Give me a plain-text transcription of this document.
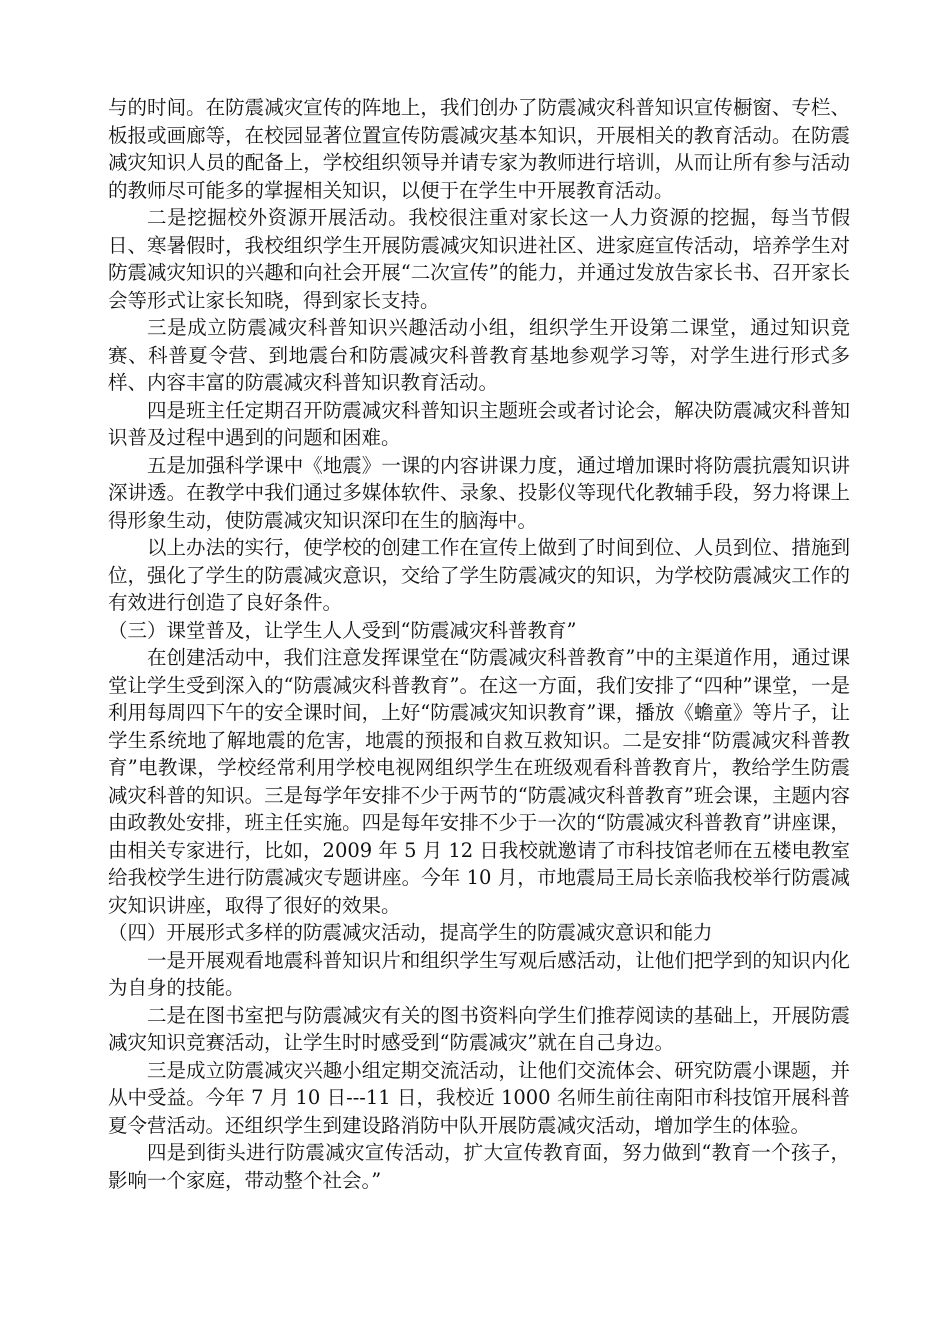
与的时间。在防震减灾宣传的阵地上，我们创办了防震减灾科普知识宣传橱窗、专栏、板报或画廊等，在校园显著位置宣传防震减灾基本知识，开展相关的教育活动。在防震减灾知识人员的配备上，学校组织领导并请专家为教师进行培训，从而让所有参与活动的教师尽可能多的掌握相关知识，以便于在学生中开展教育活动。

二是挖掘校外资源开展活动。我校很注重对家长这一人力资源的挖掘，每当节假日、寒暑假时，我校组织学生开展防震减灾知识进社区、进家庭宣传活动，培养学生对防震减灾知识的兴趣和向社会开展“二次宣传”的能力，并通过发放告家长书、召开家长会等形式让家长知晓，得到家长支持。

三是成立防震减灾科普知识兴趣活动小组，组织学生开设第二课堂，通过知识竞赛、科普夏令营、到地震台和防震减灾科普教育基地参观学习等，对学生进行形式多样、内容丰富的防震减灾科普知识教育活动。

四是班主任定期召开防震减灾科普知识主题班会或者讨论会，解决防震减灾科普知识普及过程中遇到的问题和困难。

五是加强科学课中《地震》一课的内容讲课力度，通过增加课时将防震抗震知识讲深讲透。在教学中我们通过多媒体软件、录象、投影仪等现代化教辅手段，努力将课上得形象生动，使防震减灾知识深印在生的脑海中。

以上办法的实行，使学校的创建工作在宣传上做到了时间到位、人员到位、措施到位，强化了学生的防震减灾意识，交给了学生防震减灾的知识，为学校防震减灾工作的有效进行创造了良好条件。

（三）课堂普及，让学生人人受到“防震减灾科普教育”

在创建活动中，我们注意发挥课堂在“防震减灾科普教育”中的主渠道作用，通过课堂让学生受到深入的“防震减灾科普教育”。在这一方面，我们安排了“四种”课堂，一是利用每周四下午的安全课时间，上好“防震减灾知识教育”课，播放《蟾童》等片子，让学生系统地了解地震的危害，地震的预报和自救互救知识。二是安排“防震减灾科普教育”电教课，学校经常利用学校电视网组织学生在班级观看科普教育片，教给学生防震减灾科普的知识。三是每学年安排不少于两节的“防震减灾科普教育”班会课，主题内容由政教处安排，班主任实施。四是每年安排不少于一次的“防震减灾科普教育”讲座课，由相关专家进行，比如，2009 年 5 月 12 日我校就邀请了市科技馆老师在五楼电教室给我校学生进行防震减灾专题讲座。今年 10 月，市地震局王局长亲临我校举行防震减灾知识讲座，取得了很好的效果。

（四）开展形式多样的防震减灾活动，提高学生的防震减灾意识和能力

一是开展观看地震科普知识片和组织学生写观后感活动，让他们把学到的知识内化为自身的技能。

二是在图书室把与防震减灾有关的图书资料向学生们推荐阅读的基础上，开展防震减灾知识竞赛活动，让学生时时感受到“防震减灾”就在自己身边。

三是成立防震减灾兴趣小组定期交流活动，让他们交流体会、研究防震小课题，并从中受益。今年 7 月 10 日---11 日，我校近 1000 名师生前往南阳市科技馆开展科普夏令营活动。还组织学生到建设路消防中队开展防震减灾活动，增加学生的体验。

四是到街头进行防震减灾宣传活动，扩大宣传教育面，努力做到“教育一个孩子，影响一个家庭，带动整个社会。”
